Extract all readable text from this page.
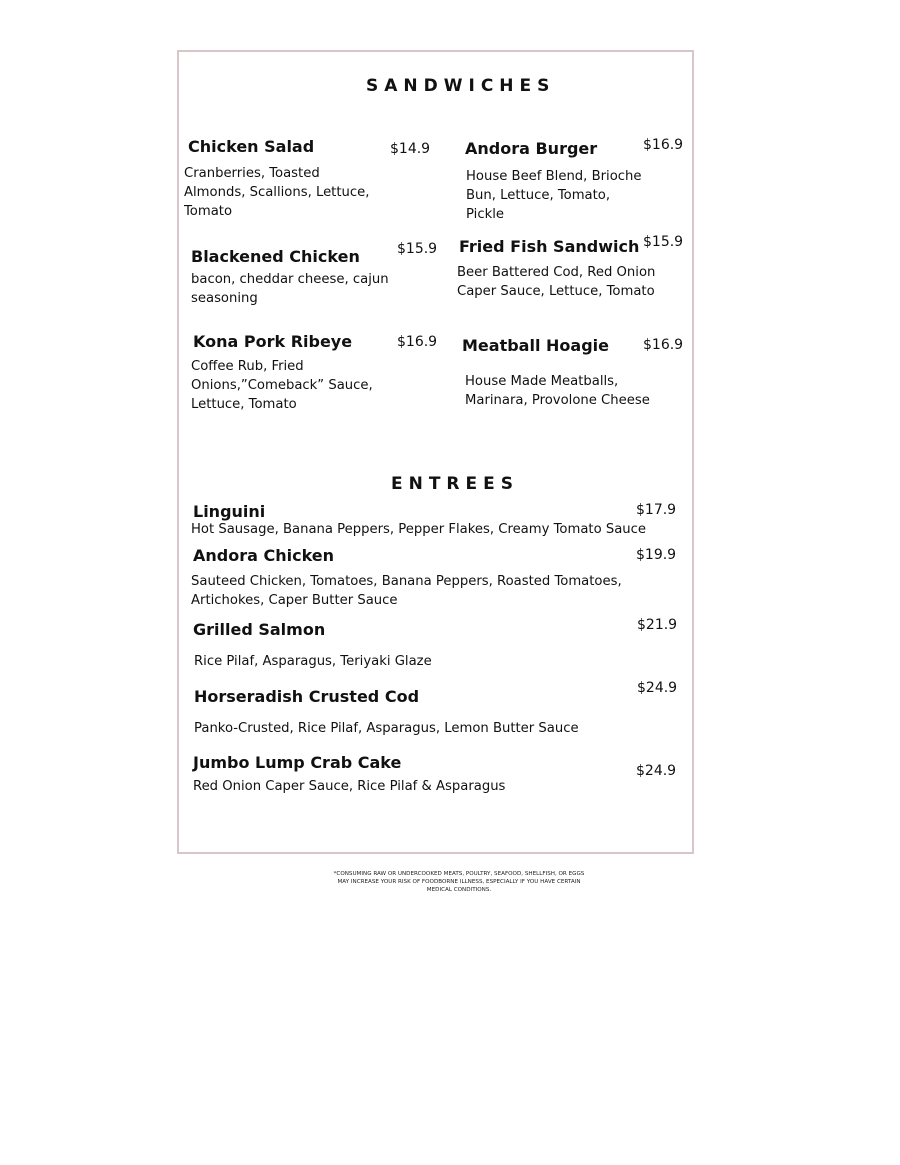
SANDWICHES
Chicken Salad	$14.9
Cranberries, Toasted Almonds, Scallions, Lettuce, Tomato
Andora Burger	$16.9
House Beef Blend, Brioche Bun, Lettuce, Tomato, Pickle
Blackened Chicken	$15.9
bacon, cheddar cheese, cajun seasoning
Fried Fish Sandwich $15.9
Beer Battered Cod, Red Onion Caper Sauce, Lettuce, Tomato
Kona Pork Ribeye	$16.9
Coffee Rub, Fried Onions,”Comeback” Sauce, Lettuce, Tomato
Meatball Hoagie $16.9
House Made Meatballs, Marinara, Provolone Cheese
ENTREES
Linguini	$17.9
Hot Sausage, Banana Peppers, Pepper Flakes, Creamy Tomato Sauce
Andora Chicken	$19.9
Sauteed Chicken, Tomatoes, Banana Peppers, Roasted Tomatoes, Artichokes, Caper Butter Sauce
Grilled Salmon	$21.9
Rice Pilaf, Asparagus, Teriyaki Glaze
Horseradish Crusted Cod	$24.9
Panko-Crusted, Rice Pilaf, Asparagus, Lemon Butter Sauce
Jumbo Lump Crab Cake	$24.9
Red Onion Caper Sauce, Rice Pilaf & Asparagus
*CONSUMING RAW OR UNDERCOOKED MEATS, POULTRY, SEAFOOD, SHELLFISH, OR EGGS MAY INCREASE YOUR RISK OF FOODBORNE ILLNESS, ESPECIALLY IF YOU HAVE CERTAIN MEDICAL CONDITIONS.
